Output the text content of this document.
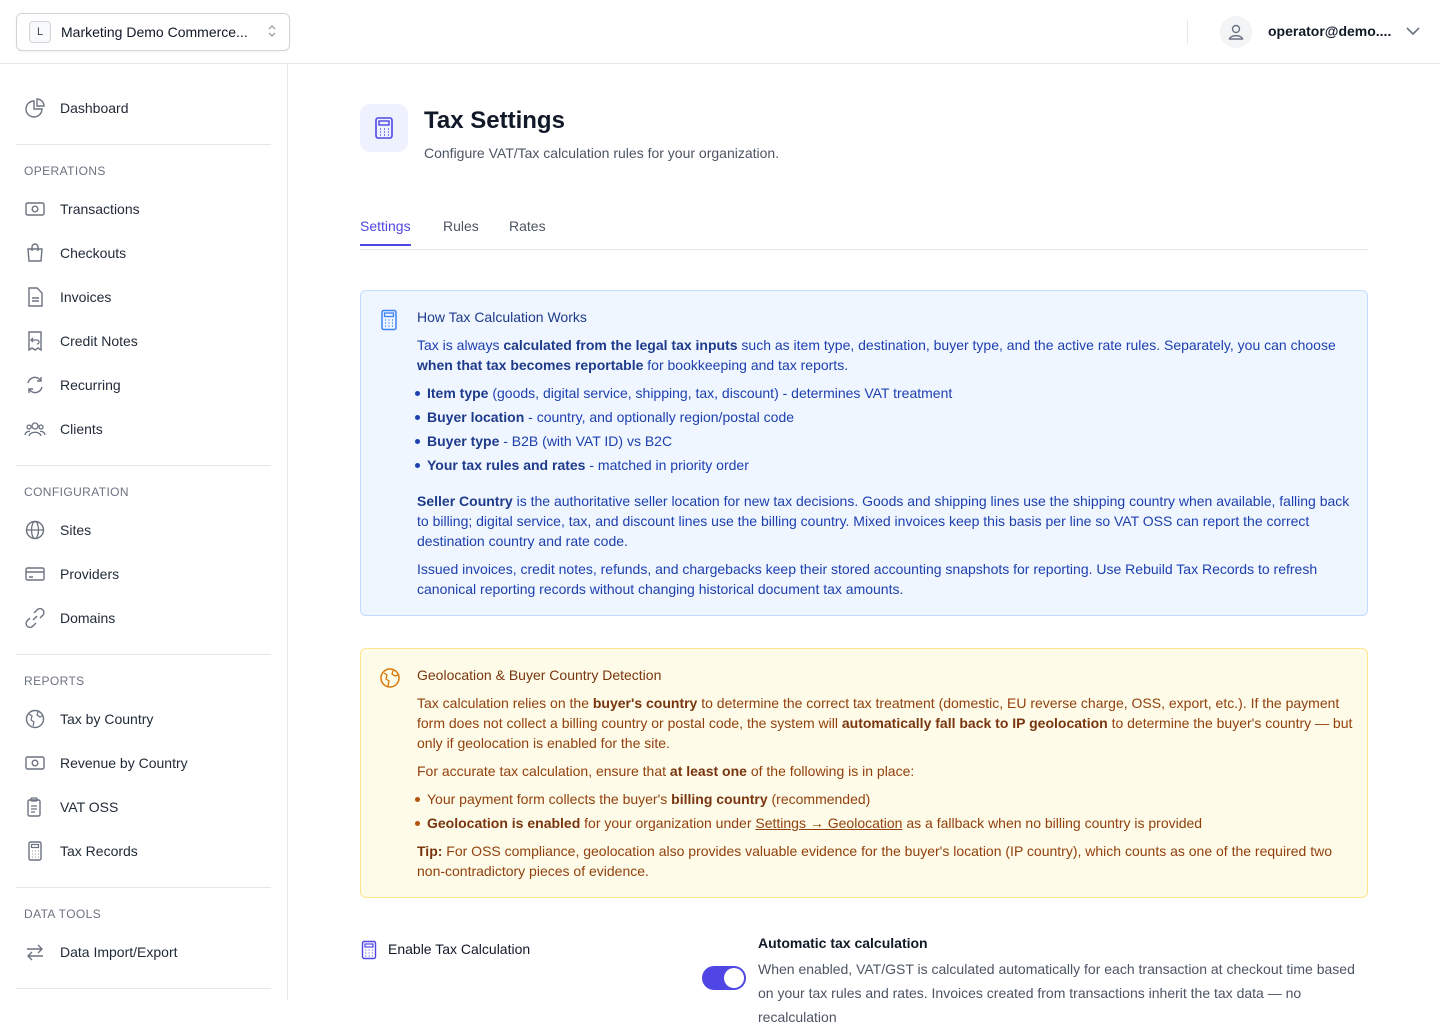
L	Marketing Demo Commerce...	operator@demo....
Dashboard
OPERATIONS
Transactions
Checkouts
Invoices
Credit Notes
Recurring
Clients
CONFIGURATION
Sites
Providers
Domains
REPORTS
Tax by Country
Revenue by Country
VAT OSS
Tax Records
DATA TOOLS
Data Import/Export
Tax Settings
Configure VAT/Tax calculation rules for your organization.
Settings Rules Rates
How Tax Calculation Works
Tax is always calculated from the legal tax inputs such as item type, destination, buyer type, and the active rate rules. Separately, you can choose when that tax becomes reportable for bookkeeping and tax reports.
Item type (goods, digital service, shipping, tax, discount) - determines VAT treatment
Buyer location - country, and optionally region/postal code
Buyer type - B2B (with VAT ID) vs B2C
Your tax rules and rates - matched in priority order
Seller Country is the authoritative seller location for new tax decisions. Goods and shipping lines use the shipping country when available, falling back to billing; digital service, tax, and discount lines use the billing country. Mixed invoices keep this basis per line so VAT OSS can report the correct destination country and rate code.
Issued invoices, credit notes, refunds, and chargebacks keep their stored accounting snapshots for reporting. Use Rebuild Tax Records to refresh canonical reporting records without changing historical document tax amounts.
Geolocation & Buyer Country Detection
Tax calculation relies on the buyer's country to determine the correct tax treatment (domestic, EU reverse charge, OSS, export, etc.). If the payment form does not collect a billing country or postal code, the system will automatically fall back to IP geolocation to determine the buyer's country — but only if geolocation is enabled for the site.
For accurate tax calculation, ensure that at least one of the following is in place:
Your payment form collects the buyer's billing country (recommended)
Geolocation is enabled for your organization under Settings → Geolocation as a fallback when no billing country is provided
Tip: For OSS compliance, geolocation also provides valuable evidence for the buyer's location (IP country), which counts as one of the required two non-contradictory pieces of evidence.
Enable Tax Calculation	Automatic tax calculation
When enabled, VAT/GST is calculated automatically for each transaction at checkout time based on your tax rules and rates. Invoices created from transactions inherit the tax data — no recalculation
